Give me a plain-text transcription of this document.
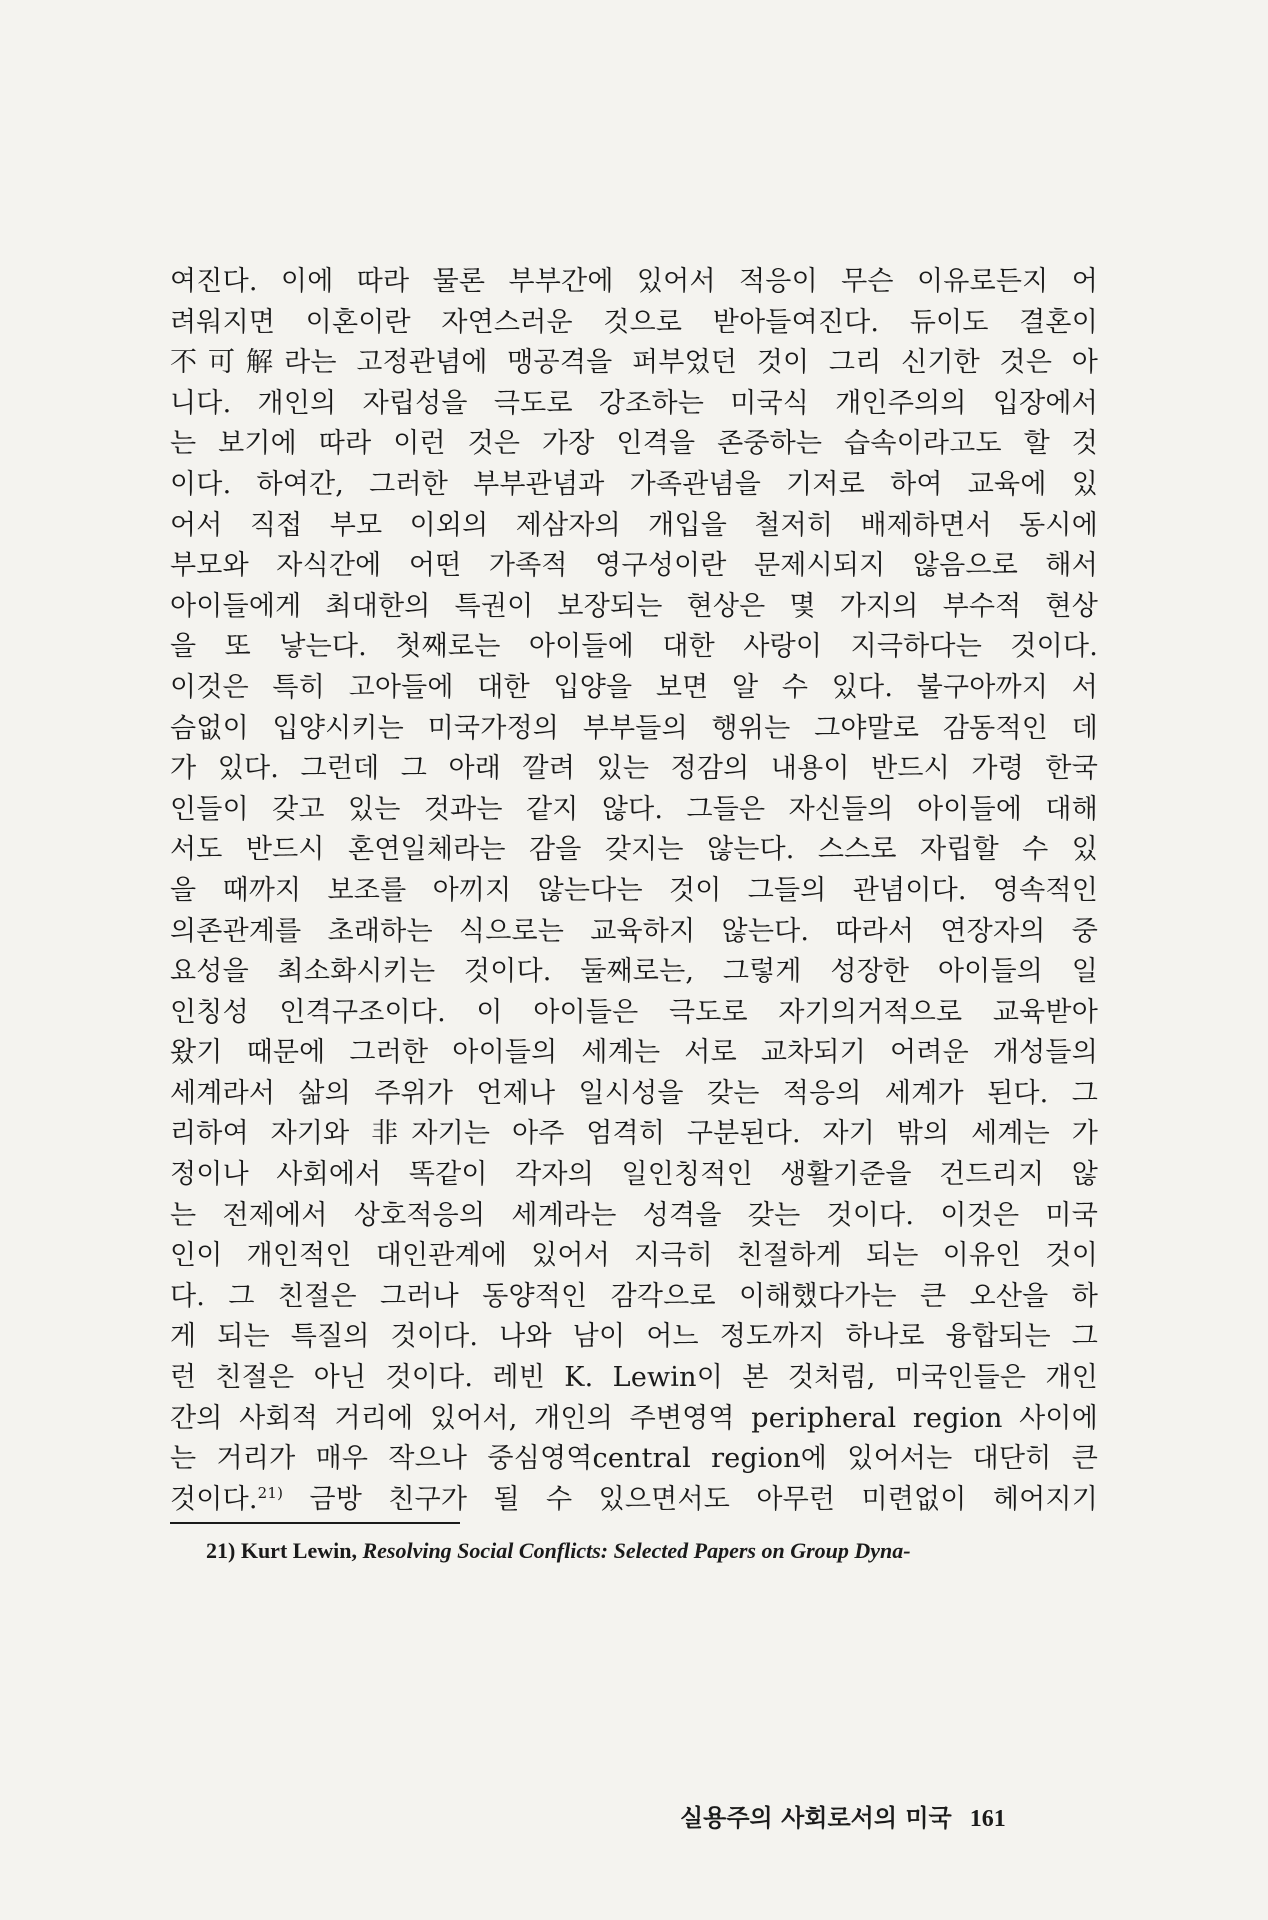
여진다. 이에 따라 물론 부부간에 있어서 적응이 무슨 이유로든지 어
려워지면 이혼이란 자연스러운 것으로 받아들여진다. 듀이도 결혼이
不可解라는 고정관념에 맹공격을 퍼부었던 것이 그리 신기한 것은 아
니다. 개인의 자립성을 극도로 강조하는 미국식 개인주의의 입장에서
는 보기에 따라 이런 것은 가장 인격을 존중하는 습속이라고도 할 것
이다. 하여간, 그러한 부부관념과 가족관념을 기저로 하여 교육에 있
어서 직접 부모 이외의 제삼자의 개입을 철저히 배제하면서 동시에
부모와 자식간에 어떤 가족적 영구성이란 문제시되지 않음으로 해서
아이들에게 최대한의 특권이 보장되는 현상은 몇 가지의 부수적 현상
을 또 낳는다. 첫째로는 아이들에 대한 사랑이 지극하다는 것이다.
이것은 특히 고아들에 대한 입양을 보면 알 수 있다. 불구아까지 서
슴없이 입양시키는 미국가정의 부부들의 행위는 그야말로 감동적인 데
가 있다. 그런데 그 아래 깔려 있는 정감의 내용이 반드시 가령 한국
인들이 갖고 있는 것과는 같지 않다. 그들은 자신들의 아이들에 대해
서도 반드시 혼연일체라는 감을 갖지는 않는다. 스스로 자립할 수 있
을 때까지 보조를 아끼지 않는다는 것이 그들의 관념이다. 영속적인
의존관계를 초래하는 식으로는 교육하지 않는다. 따라서 연장자의 중
요성을 최소화시키는 것이다. 둘째로는, 그렇게 성장한 아이들의 일
인칭성 인격구조이다. 이 아이들은 극도로 자기의거적으로 교육받아
왔기 때문에 그러한 아이들의 세계는 서로 교차되기 어려운 개성들의
세계라서 삶의 주위가 언제나 일시성을 갖는 적응의 세계가 된다. 그
리하여 자기와 非자기는 아주 엄격히 구분된다. 자기 밖의 세계는 가
정이나 사회에서 똑같이 각자의 일인칭적인 생활기준을 건드리지 않
는 전제에서 상호적응의 세계라는 성격을 갖는 것이다. 이것은 미국
인이 개인적인 대인관계에 있어서 지극히 친절하게 되는 이유인 것이
다. 그 친절은 그러나 동양적인 감각으로 이해했다가는 큰 오산을 하
게 되는 특질의 것이다. 나와 남이 어느 정도까지 하나로 융합되는 그
런 친절은 아닌 것이다. 레빈 K. Lewin이 본 것처럼, 미국인들은 개인
간의 사회적 거리에 있어서, 개인의 주변영역 peripheral region 사이에
는 거리가 매우 작으나 중심영역central region에 있어서는 대단히 큰
것이다.$^{21)}$ 금방 친구가 될 수 있으면서도 아무런 미련없이 헤어지기
21) Kurt Lewin, Resolving Social Conflicts: Selected Papers on Group Dyna-
실용주의 사회로서의 미국 161
